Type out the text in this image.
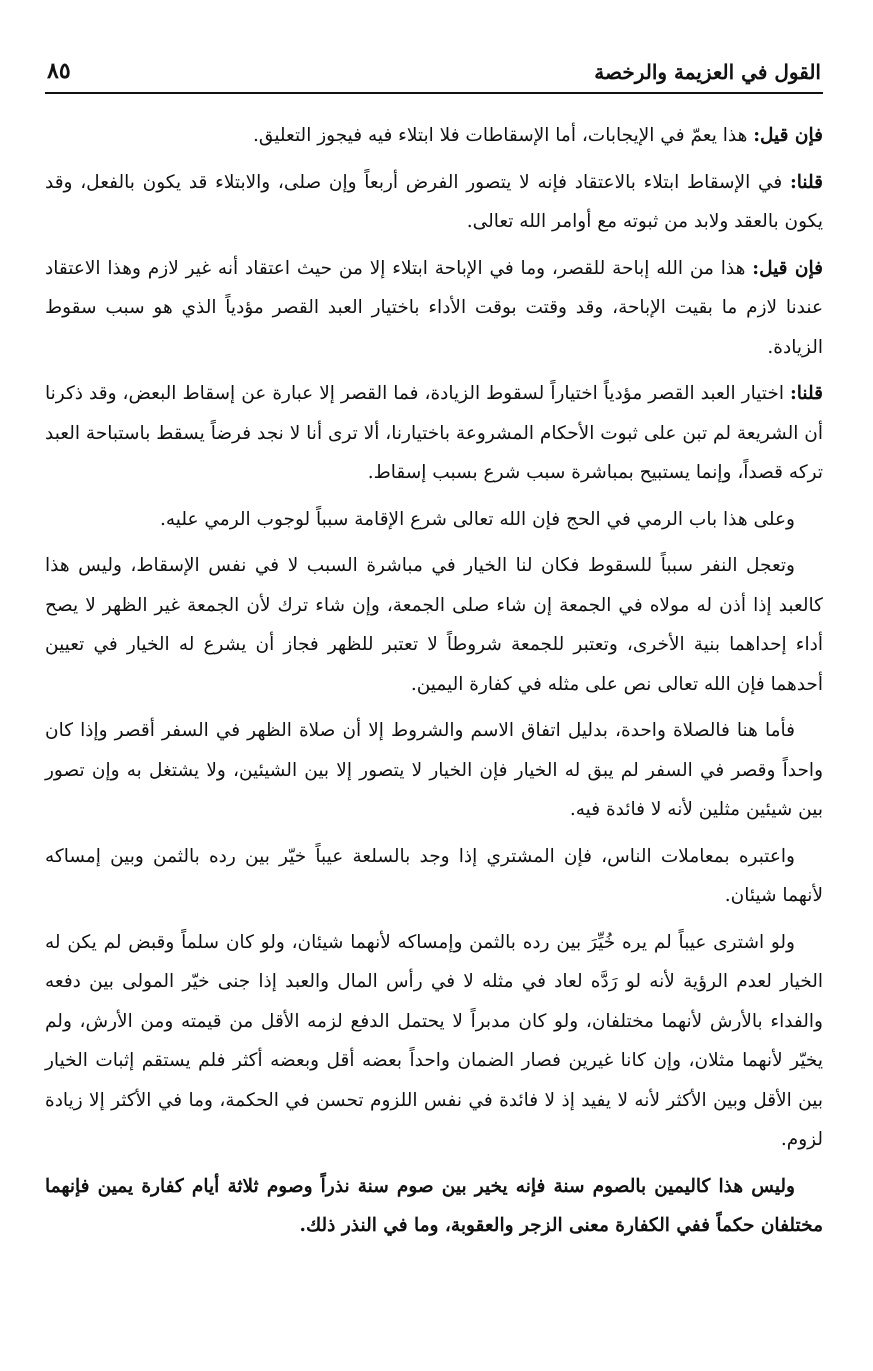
القول في العزيمة والرخصة
٨٥

فإن قيل: هذا يعمّ في الإيجابات، أما الإسقاطات فلا ابتلاء فيه فيجوز التعليق.

قلنا: في الإسقاط ابتلاء بالاعتقاد فإنه لا يتصور الفرض أربعاً وإن صلى، والابتلاء قد يكون بالفعل، وقد يكون بالعقد ولابد من ثبوته مع أوامر الله تعالى.

فإن قيل: هذا من الله إباحة للقصر، وما في الإباحة ابتلاء إلا من حيث اعتقاد أنه غير لازم وهذا الاعتقاد عندنا لازم ما بقيت الإباحة، وقد وقتت بوقت الأداء باختيار العبد القصر مؤدياً الذي هو سبب سقوط الزيادة.

قلنا: اختيار العبد القصر مؤدياً اختياراً لسقوط الزيادة، فما القصر إلا عبارة عن إسقاط البعض، وقد ذكرنا أن الشريعة لم تبن على ثبوت الأحكام المشروعة باختيارنا، ألا ترى أنا لا نجد فرضاً يسقط باستباحة العبد تركه قصداً، وإنما يستبيح بمباشرة سبب شرع بسبب إسقاط.

وعلى هذا باب الرمي في الحج فإن الله تعالى شرع الإقامة سبباً لوجوب الرمي عليه.

وتعجل النفر سبباً للسقوط فكان لنا الخيار في مباشرة السبب لا في نفس الإسقاط، وليس هذا كالعبد إذا أذن له مولاه في الجمعة إن شاء صلى الجمعة، وإن شاء ترك لأن الجمعة غير الظهر لا يصح أداء إحداهما بنية الأخرى، وتعتبر للجمعة شروطاً لا تعتبر للظهر فجاز أن يشرع له الخيار في تعيين أحدهما فإن الله تعالى نص على مثله في كفارة اليمين.

فأما هنا فالصلاة واحدة، بدليل اتفاق الاسم والشروط إلا أن صلاة الظهر في السفر أقصر وإذا كان واحداً وقصر في السفر لم يبق له الخيار فإن الخيار لا يتصور إلا بين الشيئين، ولا يشتغل به وإن تصور بين شيئين مثلين لأنه لا فائدة فيه.

واعتبره بمعاملات الناس، فإن المشتري إذا وجد بالسلعة عيباً خيّر بين رده بالثمن وبين إمساكه لأنهما شيئان.

ولو اشترى عيباً لم يره خُيِّرَ بين رده بالثمن وإمساكه لأنهما شيئان، ولو كان سلماً وقبض لم يكن له الخيار لعدم الرؤية لأنه لو رَدَّه لعاد في مثله لا في رأس المال والعبد إذا جنى خيّر المولى بين دفعه والفداء بالأرش لأنهما مختلفان، ولو كان مدبراً لا يحتمل الدفع لزمه الأقل من قيمته ومن الأرش، ولم يخيّر لأنهما مثلان، وإن كانا غيرين فصار الضمان واحداً بعضه أقل وبعضه أكثر فلم يستقم إثبات الخيار بين الأقل وبين الأكثر لأنه لا يفيد إذ لا فائدة في نفس اللزوم تحسن في الحكمة، وما في الأكثر إلا زيادة لزوم.

وليس هذا كاليمين بالصوم سنة فإنه يخير بين صوم سنة نذراً وصوم ثلاثة أيام كفارة يمين فإنهما مختلفان حكماً ففي الكفارة معنى الزجر والعقوبة، وما في النذر ذلك.
